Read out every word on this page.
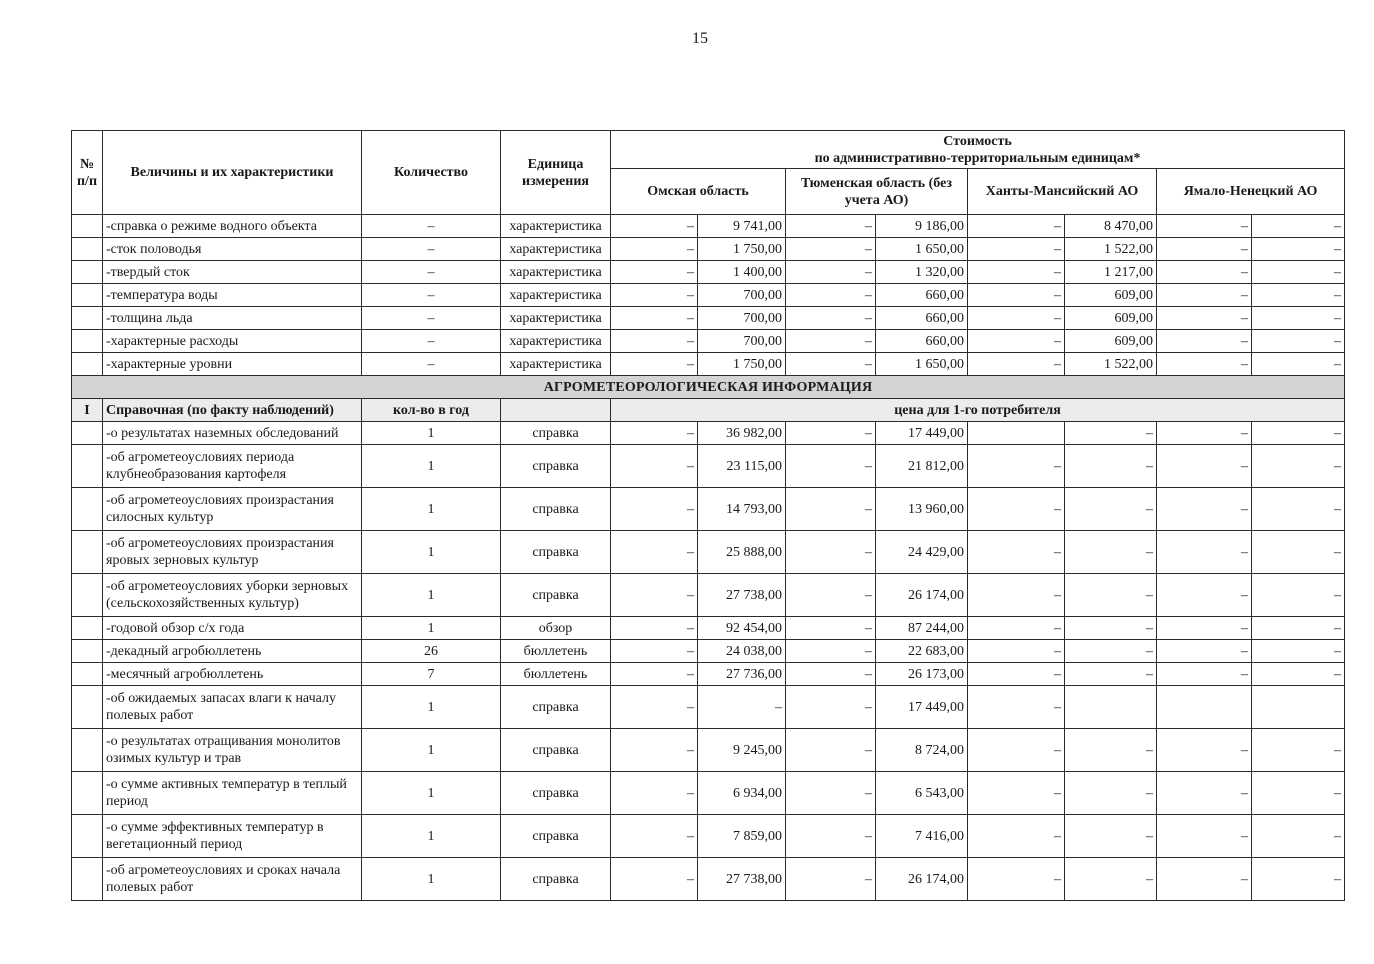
15
№ п/п	Величины и их характеристики	Количество	Единица измерения	Стоимость
по административно-территориальным единицам*							

				Омская область		Тюменская область (без учета АО)		Ханты-Мансийский АО		Ямало-Ненецкий АО	
	-справка о режиме водного объекта	–	характеристика	–	9 741,00	–	9 186,00	–	8 470,00	–	–
	-сток половодья	–	характеристика	–	1 750,00	–	1 650,00	–	1 522,00	–	–
	-твердый сток	–	характеристика	–	1 400,00	–	1 320,00	–	1 217,00	–	–
	-температура воды	–	характеристика	–	700,00	–	660,00	–	609,00	–	–
	-толщина льда	–	характеристика	–	700,00	–	660,00	–	609,00	–	–
	-характерные расходы	–	характеристика	–	700,00	–	660,00	–	609,00	–	–
	-характерные уровни	–	характеристика	–	1 750,00	–	1 650,00	–	1 522,00	–	–
АГРОМЕТЕОРОЛОГИЧЕСКАЯ ИНФОРМАЦИЯ											
I	Справочная (по факту наблюдений)	кол-во в год		цена для 1-го потребителя							
	-о результатах наземных обследований	1	справка	–	36 982,00	–	17 449,00		–	–	–
	-об агрометеоусловиях периода клубнеобразования картофеля	1	справка	–	23 115,00	–	21 812,00	–	–	–	–
	-об агрометеоусловиях произрастания силосных культур	1	справка	–	14 793,00	–	13 960,00	–	–	–	–
	-об агрометеоусловиях произрастания яровых зерновых культур	1	справка	–	25 888,00	–	24 429,00	–	–	–	–
	-об агрометеоусловиях уборки зерновых (сельскохозяйственных культур)	1	справка	–	27 738,00	–	26 174,00	–	–	–	–
	-годовой обзор с/х года	1	обзор	–	92 454,00	–	87 244,00	–	–	–	–
	-декадный агробюллетень	26	бюллетень	–	24 038,00	–	22 683,00	–	–	–	–
	-месячный агробюллетень	7	бюллетень	–	27 736,00	–	26 173,00	–	–	–	–
	-об ожидаемых запасах влаги к началу полевых работ	1	справка	–	–	–	17 449,00	–			
	-о результатах отращивания монолитов озимых культур и трав	1	справка	–	9 245,00	–	8 724,00	–	–	–	–
	-о сумме активных температур в теплый период	1	справка	–	6 934,00	–	6 543,00	–	–	–	–
	-о сумме эффективных температур в вегетационный период	1	справка	–	7 859,00	–	7 416,00	–	–	–	–
	-об агрометеоусловиях и сроках начала полевых работ	1	справка	–	27 738,00	–	26 174,00	–	–	–	–
